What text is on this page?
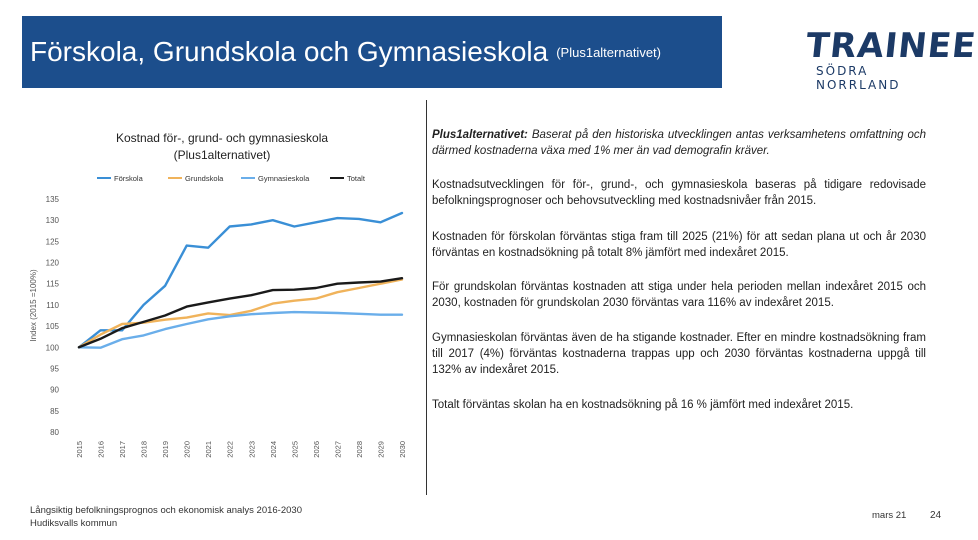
Förskola, Grundskola och Gymnasieskola (Plus1alternativet)	TRAINEE
SÖDRA NORRLAND
Kostnad för-, grund- och gymnasieskola
(Plus1alternativet)
Förskola	Grundskola	Gymnasieskola	Totalt
80
85
90
95
100
105
110
115
120
125
130
135
Index (2015 =100%)
2015 2016 2017 2018 2019 2020 2021 2022 2023 2024 2025 2026 2027 2028 2029 2030
Plus1alternativet: Baserat på den historiska utvecklingen antas verksamhetens omfattning och därmed kostnaderna växa med 1% mer än vad demografin kräver.
Kostnadsutvecklingen för för-, grund-, och gymnasieskola baseras på tidigare redovisade befolkningsprognoser och behovsutveckling med kostnadsnivåer från 2015.
Kostnaden för förskolan förväntas stiga fram till 2025 (21%) för att sedan plana ut och år 2030 förväntas en kostnadsökning på totalt 8% jämfört med indexåret 2015.
För grundskolan förväntas kostnaden att stiga under hela perioden mellan indexåret 2015 och 2030, kostnaden för grundskolan 2030 förväntas vara 116% av indexåret 2015.
Gymnasieskolan förväntas även de ha stigande kostnader. Efter en mindre kostnadsökning fram till 2017 (4%) förväntas kostnaderna trappas upp och 2030 förväntas kostnaderna uppgå till 132% av indexåret 2015.
Totalt förväntas skolan ha en kostnadsökning på 16 % jämfört med indexåret 2015.
Långsiktig befolkningsprognos och ekonomisk analys 2016-2030
Hudiksvalls kommun
mars 21 24
